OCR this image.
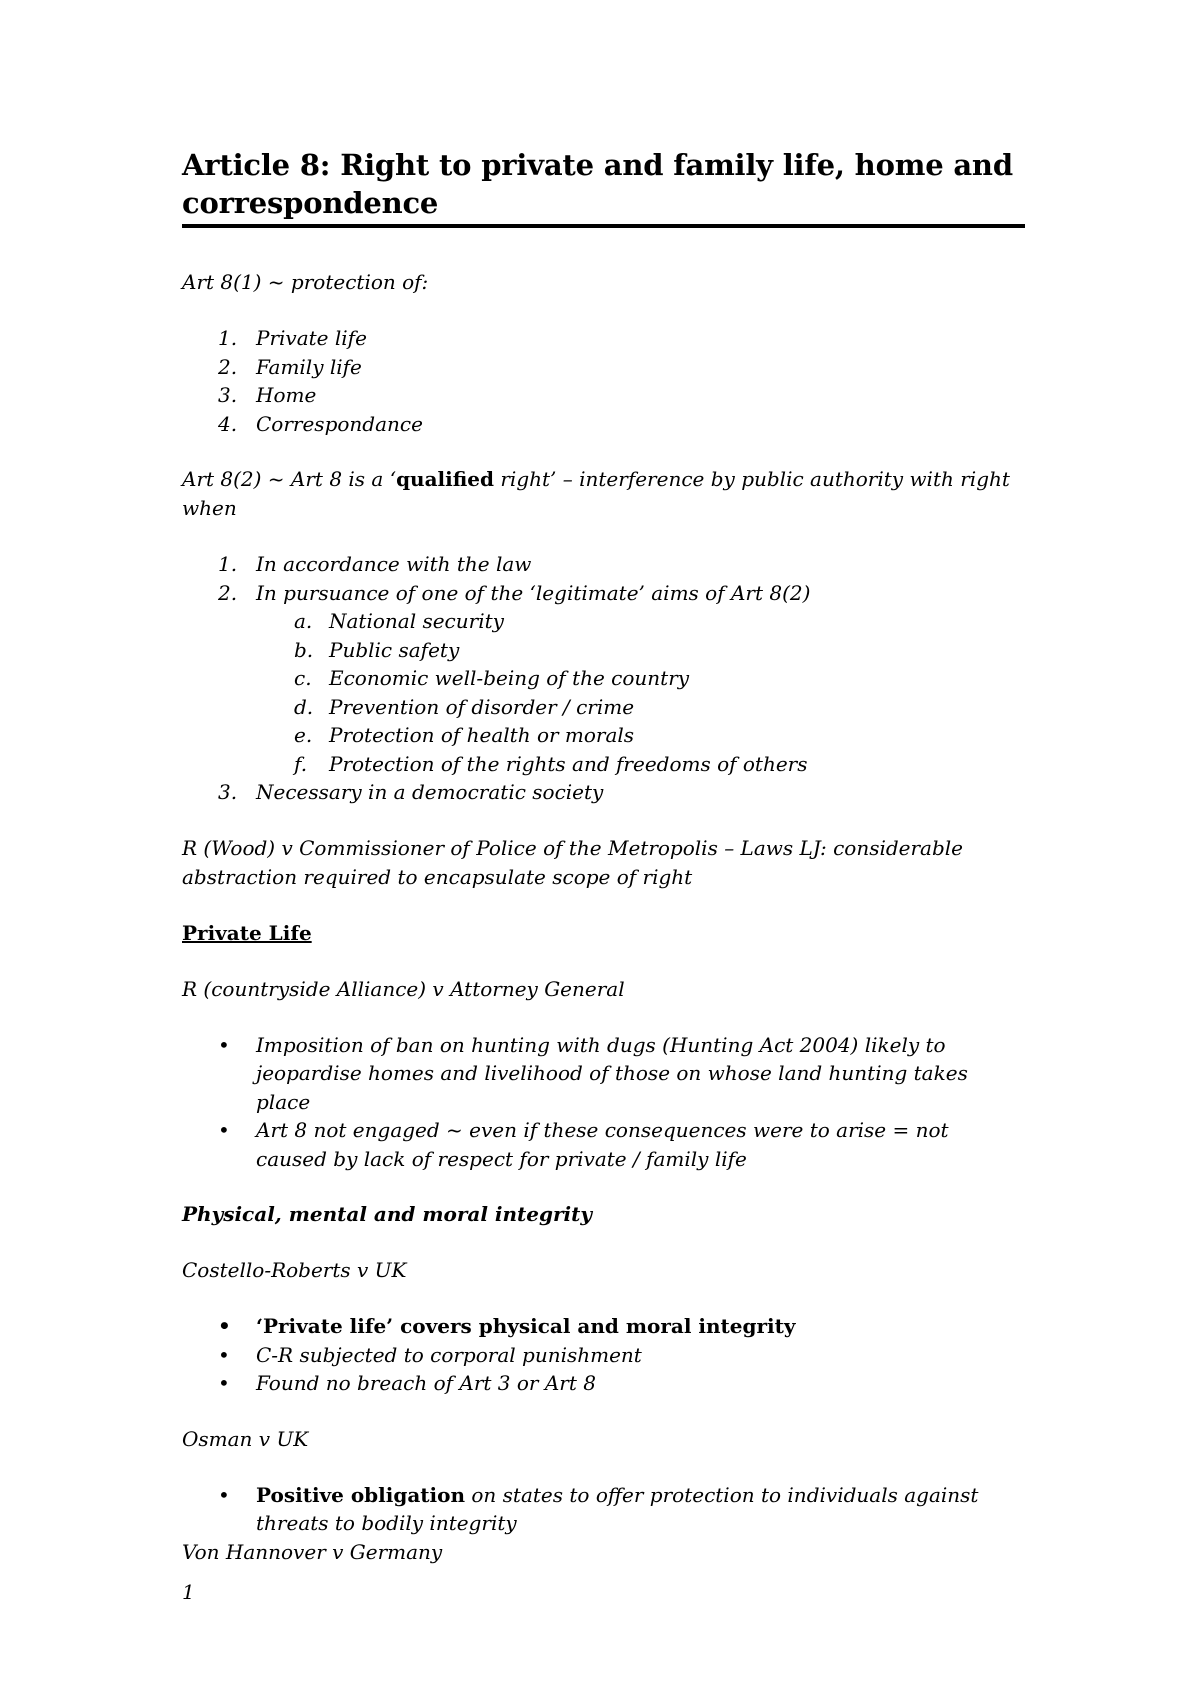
Article 8: Right to private and family life, home and correspondence

Art 8(1) ~ protection of:

1. Private life
2. Family life
3. Home
4. Correspondance

Art 8(2) ~ Art 8 is a ‘qualified right’ – interference by public authority with right when

1. In accordance with the law
2. In pursuance of one of the ‘legitimate’ aims of Art 8(2)
a. National security
b. Public safety
c. Economic well-being of the country
d. Prevention of disorder / crime
e. Protection of health or morals
f.	Protection of the rights and freedoms of others
3. Necessary in a democratic society

R (Wood) v Commissioner of Police of the Metropolis – Laws LJ: considerable abstraction required to encapsulate scope of right

Private Life

R (countryside Alliance) v Attorney General

• Imposition of ban on hunting with dugs (Hunting Act 2004) likely to jeopardise homes and livelihood of those on whose land hunting takes place
• Art 8 not engaged ~ even if these consequences were to arise = not caused by lack of respect for private / family life

Physical, mental and moral integrity

Costello-Roberts v UK

• ‘Private life’ covers physical and moral integrity
• C-R subjected to corporal punishment
• Found no breach of Art 3 or Art 8

Osman v UK

• Positive obligation on states to offer protection to individuals against threats to bodily integrity

Von Hannover v Germany

1
